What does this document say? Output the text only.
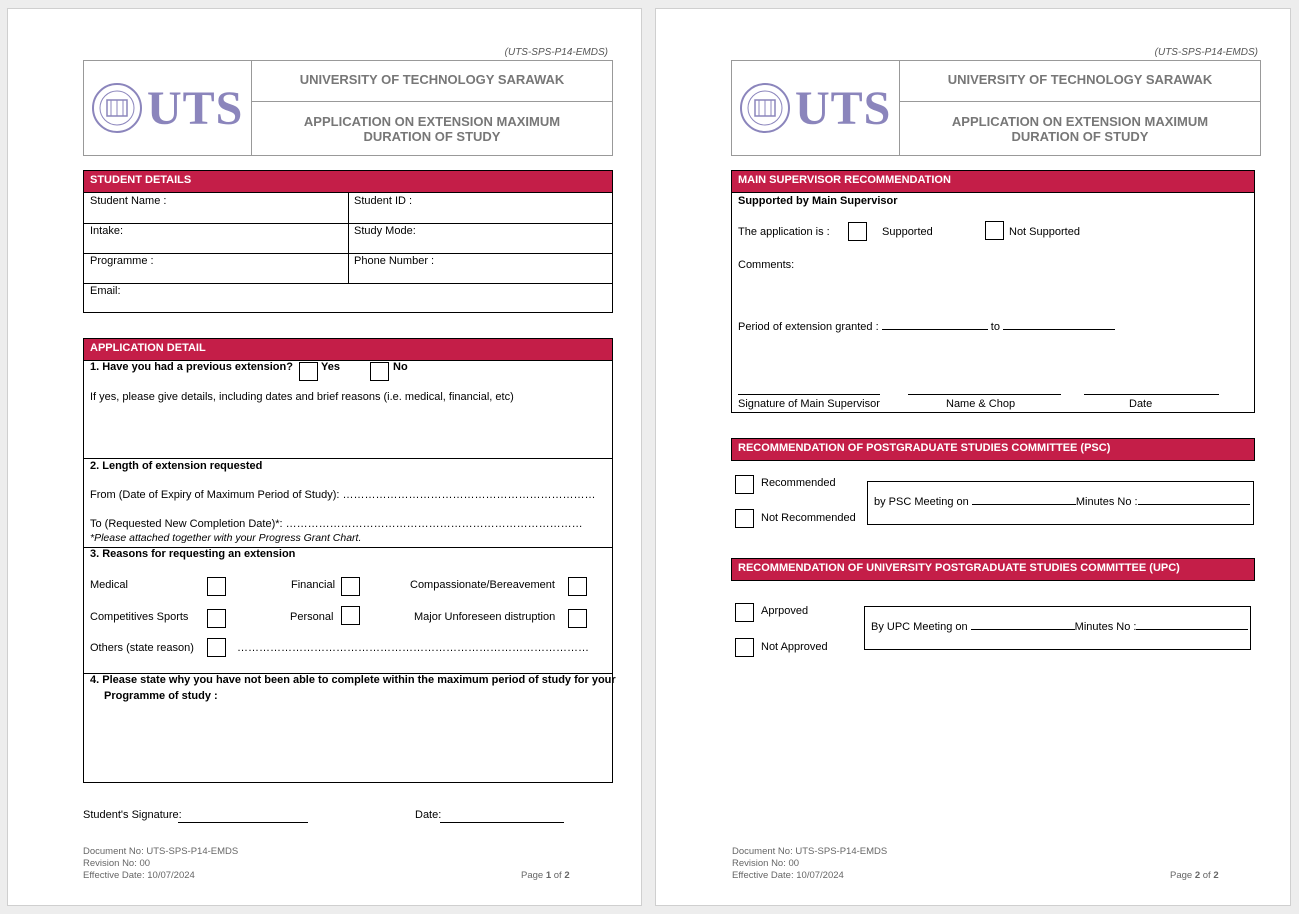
(UTS-SPS-P14-EMDS)
UTS
UNIVERSITY OF TECHNOLOGY SARAWAK
APPLICATION ON EXTENSION MAXIMUM
DURATION OF STUDY
STUDENT DETAILS
Student Name :	Student ID :
Intake:	Study Mode:
Programme :	Phone Number :
Email:
APPLICATION DETAIL
1. Have you had a previous extension?	Yes	No
If yes, please give details, including dates and brief reasons (i.e. medical, financial, etc)
2. Length of extension requested
From (Date of Expiry of Maximum Period of Study): ……………………………………………………………
To (Requested New Completion Date)*: ………………………………………………………………………
*Please attached together with your Progress Grant Chart.
3. Reasons for requesting an extension
Medical	Financial	Compassionate/Bereavement
Competitives Sports	Personal	Major Unforeseen distruption
Others (state reason)	……………………………………………………………………………………
4. Please state why you have not been able to complete within the maximum period of study for your
Programme of study :
Student's Signature:	Date:
Document No: UTS-SPS-P14-EMDS
Revision No: 00
Effective Date: 10/07/2024	Page 1 of 2
(UTS-SPS-P14-EMDS)
UTS
UNIVERSITY OF TECHNOLOGY SARAWAK
APPLICATION ON EXTENSION MAXIMUM
DURATION OF STUDY
MAIN SUPERVISOR RECOMMENDATION
Supported by Main Supervisor
The application is :	Supported	Not Supported
Comments:
Period of extension granted :	to
Signature of Main Supervisor	Name & Chop	Date
RECOMMENDATION OF POSTGRADUATE STUDIES COMMITTEE (PSC)
Recommended
Not Recommended
by PSC Meeting on	Minutes No :
RECOMMENDATION OF UNIVERSITY POSTGRADUATE STUDIES COMMITTEE (UPC)
Aprpoved
Not Approved
By UPC Meeting on	Minutes No :
Document No: UTS-SPS-P14-EMDS
Revision No: 00
Effective Date: 10/07/2024	Page 2 of 2
